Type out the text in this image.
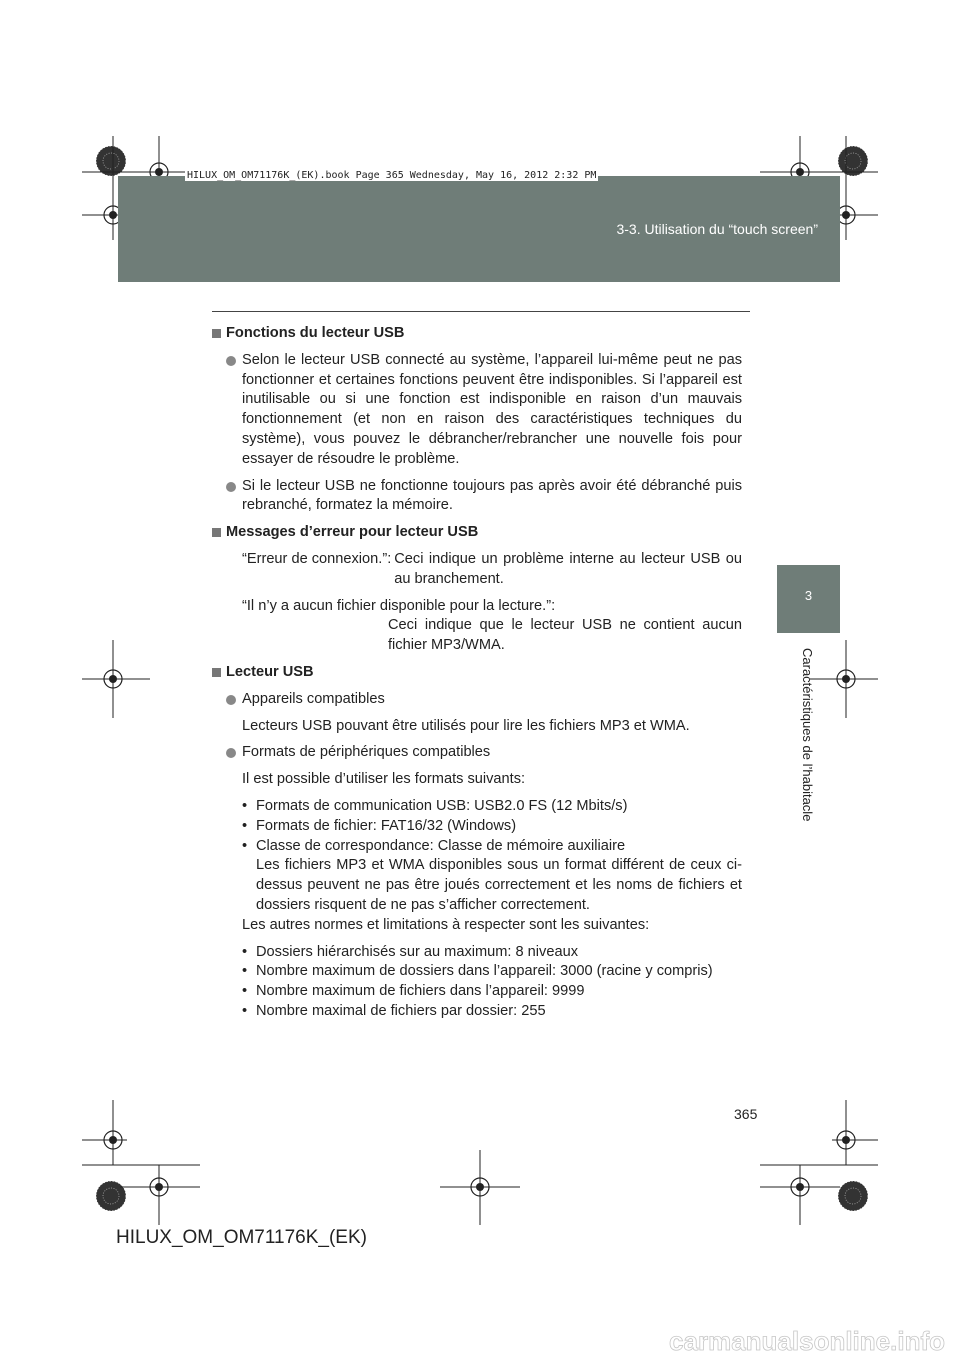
3-3. Utilisation du “touch screen”
HILUX_OM_OM71176K_(EK).book Page 365 Wednesday, May 16, 2012 2:32 PM
3
Caractéristiques de l’habitacle
Fonctions du lecteur USB
Selon le lecteur USB connecté au système, l’appareil lui-même peut ne pas fonctionner et certaines fonctions peuvent être indisponibles. Si l’appareil est inutilisable ou si une fonction est indisponible en raison d’un mauvais fonctionnement (et non en raison des caractéristiques techniques du système), vous pouvez le débrancher/rebrancher une nouvelle fois pour essayer de résoudre le problème.
Si le lecteur USB ne fonctionne toujours pas après avoir été débranché puis rebranché, formatez la mémoire.
Messages d’erreur pour lecteur USB
“Erreur de connexion.”: Ceci indique un problème interne au lecteur USB ou au branchement.
“Il n’y a aucun fichier disponible pour la lecture.”:
Ceci indique que le lecteur USB ne contient aucun fichier MP3/WMA.
Lecteur USB
Appareils compatibles
Lecteurs USB pouvant être utilisés pour lire les fichiers MP3 et WMA.
Formats de périphériques compatibles
Il est possible d’utiliser les formats suivants:
• Formats de communication USB: USB2.0 FS (12 Mbits/s)
• Formats de fichier: FAT16/32 (Windows)
• Classe de correspondance: Classe de mémoire auxiliaire
Les fichiers MP3 et WMA disponibles sous un format différent de ceux ci-dessus peuvent ne pas être joués correctement et les noms de fichiers et dossiers risquent de ne pas s’afficher correctement.
Les autres normes et limitations à respecter sont les suivantes:
• Dossiers hiérarchisés sur au maximum: 8 niveaux
• Nombre maximum de dossiers dans l’appareil: 3000 (racine y compris)
• Nombre maximum de fichiers dans l’appareil: 9999
• Nombre maximal de fichiers par dossier: 255
365
HILUX_OM_OM71176K_(EK)
carmanualsonline.info
